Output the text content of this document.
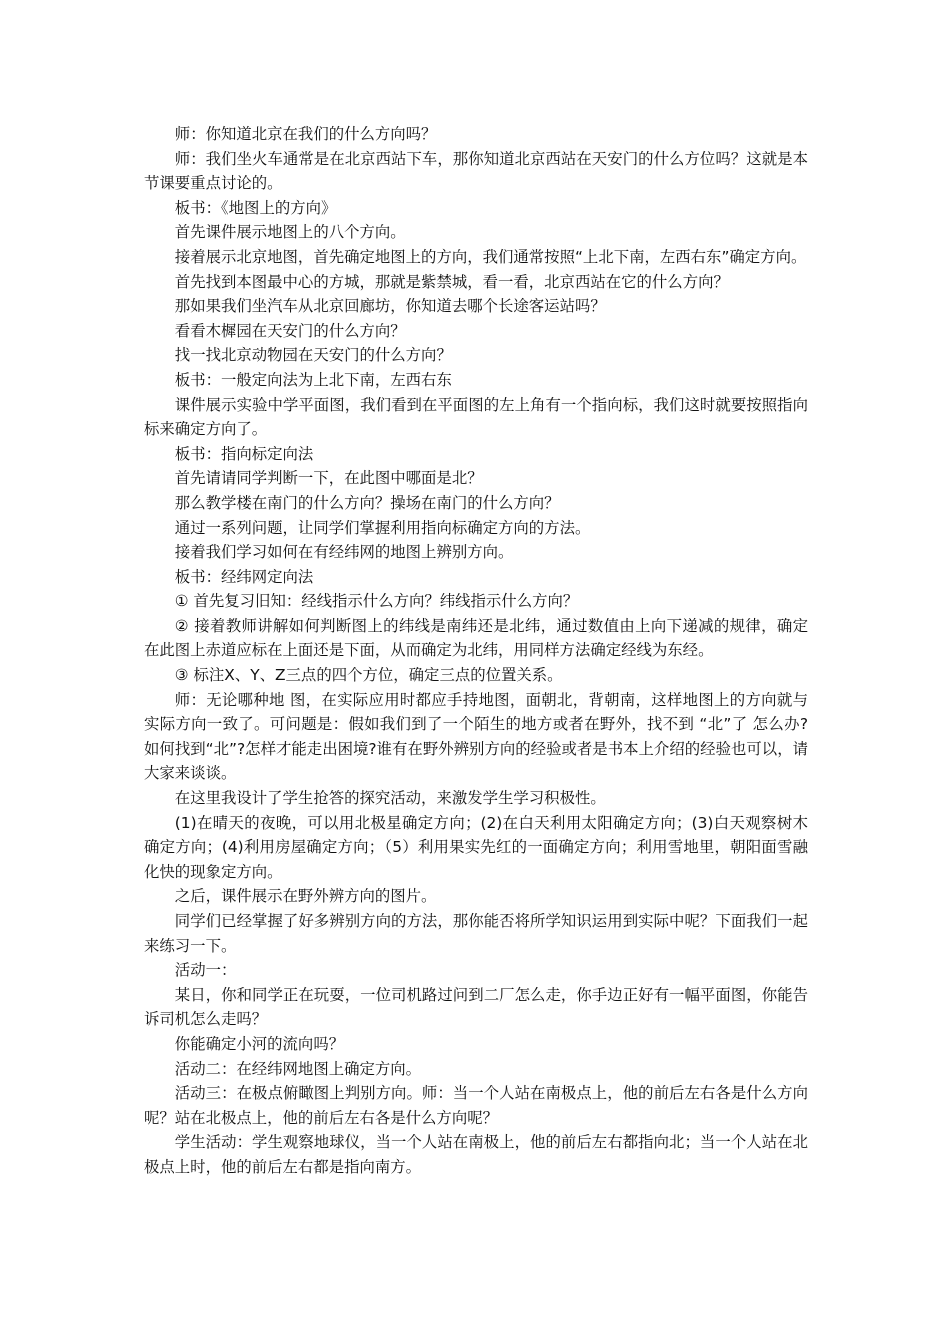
师：你知道北京在我们的什么方向吗？

师：我们坐火车通常是在北京西站下车，那你知道北京西站在天安门的什么方位吗？这就是本节课要重点讨论的。

板书：《地图上的方向》

首先课件展示地图上的八个方向。

接着展示北京地图，首先确定地图上的方向，我们通常按照“上北下南，左西右东”确定方向。

首先找到本图最中心的方城，那就是紫禁城，看一看，北京西站在它的什么方向？

那如果我们坐汽车从北京回廊坊，你知道去哪个长途客运站吗？

看看木樨园在天安门的什么方向？

找一找北京动物园在天安门的什么方向？

板书：一般定向法为上北下南，左西右东

课件展示实验中学平面图，我们看到在平面图的左上角有一个指向标，我们这时就要按照指向标来确定方向了。

板书：指向标定向法

首先请请同学判断一下，在此图中哪面是北？

那么教学楼在南门的什么方向？操场在南门的什么方向？

通过一系列问题，让同学们掌握利用指向标确定方向的方法。

接着我们学习如何在有经纬网的地图上辨别方向。

板书：经纬网定向法

① 首先复习旧知：经线指示什么方向？纬线指示什么方向？

② 接着教师讲解如何判断图上的纬线是南纬还是北纬，通过数值由上向下递减的规律，确定在此图上赤道应标在上面还是下面，从而确定为北纬，用同样方法确定经线为东经。

③ 标注X、Y、Z三点的四个方位，确定三点的位置关系。

师：无论哪种地 图，在实际应用时都应手持地图，面朝北，背朝南，这样地图上的方向就与实际方向一致了。可问题是：假如我们到了一个陌生的地方或者在野外，找不到 “北”了 怎么办?如何找到“北”?怎样才能走出困境?谁有在野外辨别方向的经验或者是书本上介绍的经验也可以，请大家来谈谈。

在这里我设计了学生抢答的探究活动，来激发学生学习积极性。

(1)在晴天的夜晚，可以用北极星确定方向；(2)在白天利用太阳确定方向；(3)白天观察树木确定方向；(4)利用房屋确定方向；（5）利用果实先红的一面确定方向；利用雪地里，朝阳面雪融化快的现象定方向。

之后，课件展示在野外辨方向的图片。

同学们已经掌握了好多辨别方向的方法，那你能否将所学知识运用到实际中呢？下面我们一起来练习一下。

活动一：

某日，你和同学正在玩耍，一位司机路过问到二厂怎么走，你手边正好有一幅平面图，你能告诉司机怎么走吗？

你能确定小河的流向吗？

活动二：在经纬网地图上确定方向。

活动三：在极点俯瞰图上判别方向。师：当一个人站在南极点上，他的前后左右各是什么方向呢？站在北极点上，他的前后左右各是什么方向呢？

学生活动：学生观察地球仪，当一个人站在南极上，他的前后左右都指向北；当一个人站在北极点上时，他的前后左右都是指向南方。
